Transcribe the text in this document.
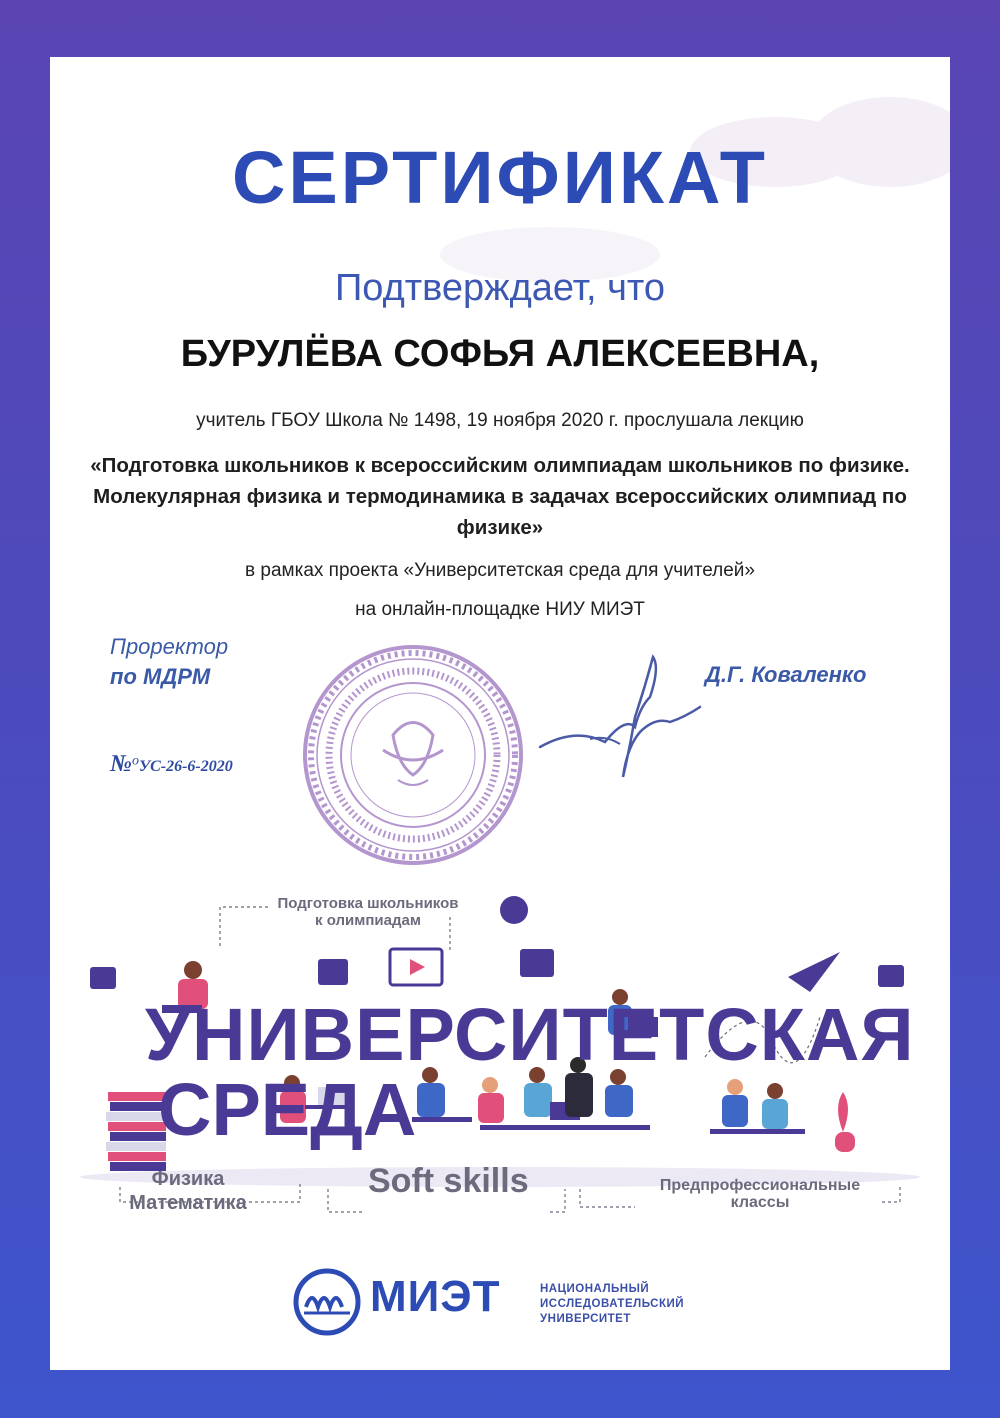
СЕРТИФИКАТ
Подтверждает, что
БУРУЛЁВА СОФЬЯ АЛЕКСЕЕВНА,
учитель ГБОУ Школа № 1498, 19 ноября 2020 г. прослушала лекцию
«Подготовка школьников к всероссийским олимпиадам школьников по физике. Молекулярная физика и термодинамика в задачах всероссийских олимпиад по физике»
в рамках проекта «Университетская среда для учителей»
на онлайн-площадке НИУ МИЭТ
Проректор
по МДРМ	Д.Г. Коваленко
№$^o$УС-26-6-2020
Подготовка школьников
к олимпиадам
УНИВЕРСИТЕТСКАЯ
СРЕДА
Физика
Математика
Soft skills	Предпрофессиональные
классы
МИЭТ	НАЦИОНАЛЬНЫЙ
ИССЛЕДОВАТЕЛЬСКИЙ
УНИВЕРСИТЕТ
